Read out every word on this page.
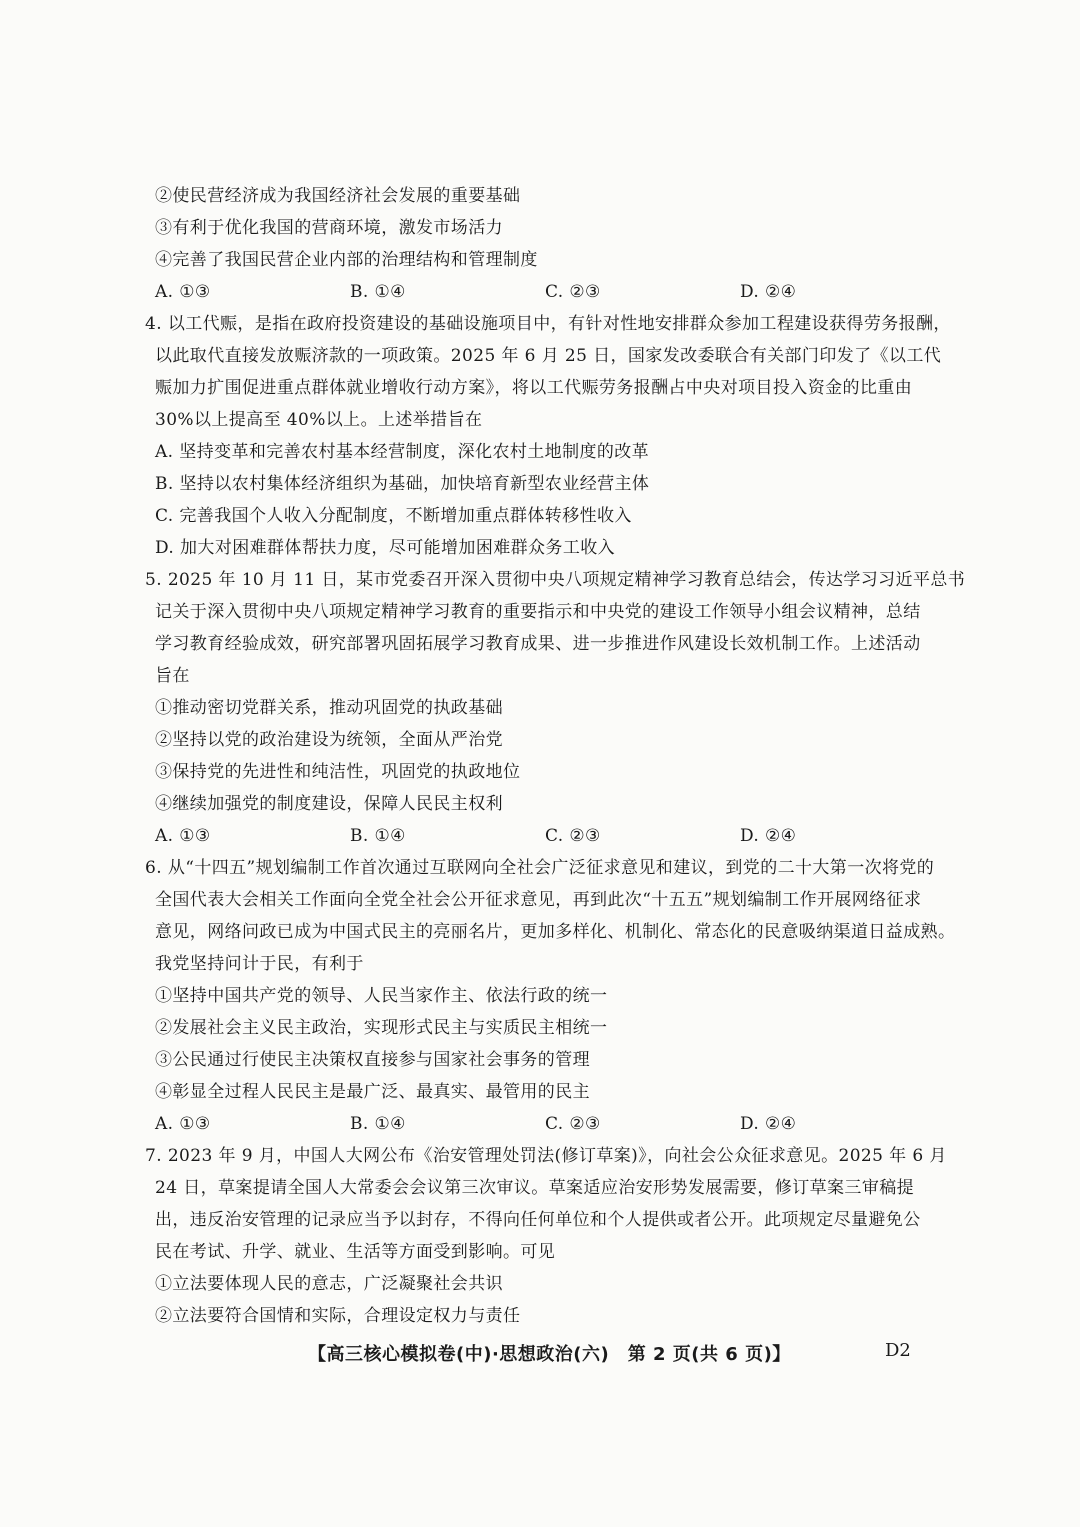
②使民营经济成为我国经济社会发展的重要基础
③有利于优化我国的营商环境，激发市场活力
④完善了我国民营企业内部的治理结构和管理制度
A. ①③	B. ①④	C. ②③	D. ②④
4. 以工代赈，是指在政府投资建设的基础设施项目中，有针对性地安排群众参加工程建设获得劳务报酬，
以此取代直接发放赈济款的一项政策。2025 年 6 月 25 日，国家发改委联合有关部门印发了《以工代
赈加力扩围促进重点群体就业增收行动方案》，将以工代赈劳务报酬占中央对项目投入资金的比重由
30%以上提高至 40%以上。上述举措旨在
A. 坚持变革和完善农村基本经营制度，深化农村土地制度的改革
B. 坚持以农村集体经济组织为基础，加快培育新型农业经营主体
C. 完善我国个人收入分配制度，不断增加重点群体转移性收入
D. 加大对困难群体帮扶力度，尽可能增加困难群众务工收入
5. 2025 年 10 月 11 日，某市党委召开深入贯彻中央八项规定精神学习教育总结会，传达学习习近平总书
记关于深入贯彻中央八项规定精神学习教育的重要指示和中央党的建设工作领导小组会议精神，总结
学习教育经验成效，研究部署巩固拓展学习教育成果、进一步推进作风建设长效机制工作。上述活动
旨在
①推动密切党群关系，推动巩固党的执政基础
②坚持以党的政治建设为统领，全面从严治党
③保持党的先进性和纯洁性，巩固党的执政地位
④继续加强党的制度建设，保障人民民主权利
A. ①③	B. ①④	C. ②③	D. ②④
6. 从“十四五”规划编制工作首次通过互联网向全社会广泛征求意见和建议，到党的二十大第一次将党的
全国代表大会相关工作面向全党全社会公开征求意见，再到此次“十五五”规划编制工作开展网络征求
意见，网络问政已成为中国式民主的亮丽名片，更加多样化、机制化、常态化的民意吸纳渠道日益成熟。
我党坚持问计于民，有利于
①坚持中国共产党的领导、人民当家作主、依法行政的统一
②发展社会主义民主政治，实现形式民主与实质民主相统一
③公民通过行使民主决策权直接参与国家社会事务的管理
④彰显全过程人民民主是最广泛、最真实、最管用的民主
A. ①③	B. ①④	C. ②③	D. ②④
7. 2023 年 9 月，中国人大网公布《治安管理处罚法(修订草案)》，向社会公众征求意见。2025 年 6 月
24 日，草案提请全国人大常委会会议第三次审议。草案适应治安形势发展需要，修订草案三审稿提
出，违反治安管理的记录应当予以封存，不得向任何单位和个人提供或者公开。此项规定尽量避免公
民在考试、升学、就业、生活等方面受到影响。可见
①立法要体现人民的意志，广泛凝聚社会共识
②立法要符合国情和实际，合理设定权力与责任
【高三核心模拟卷(中)·思想政治(六)　第 2 页(共 6 页)】	D2
